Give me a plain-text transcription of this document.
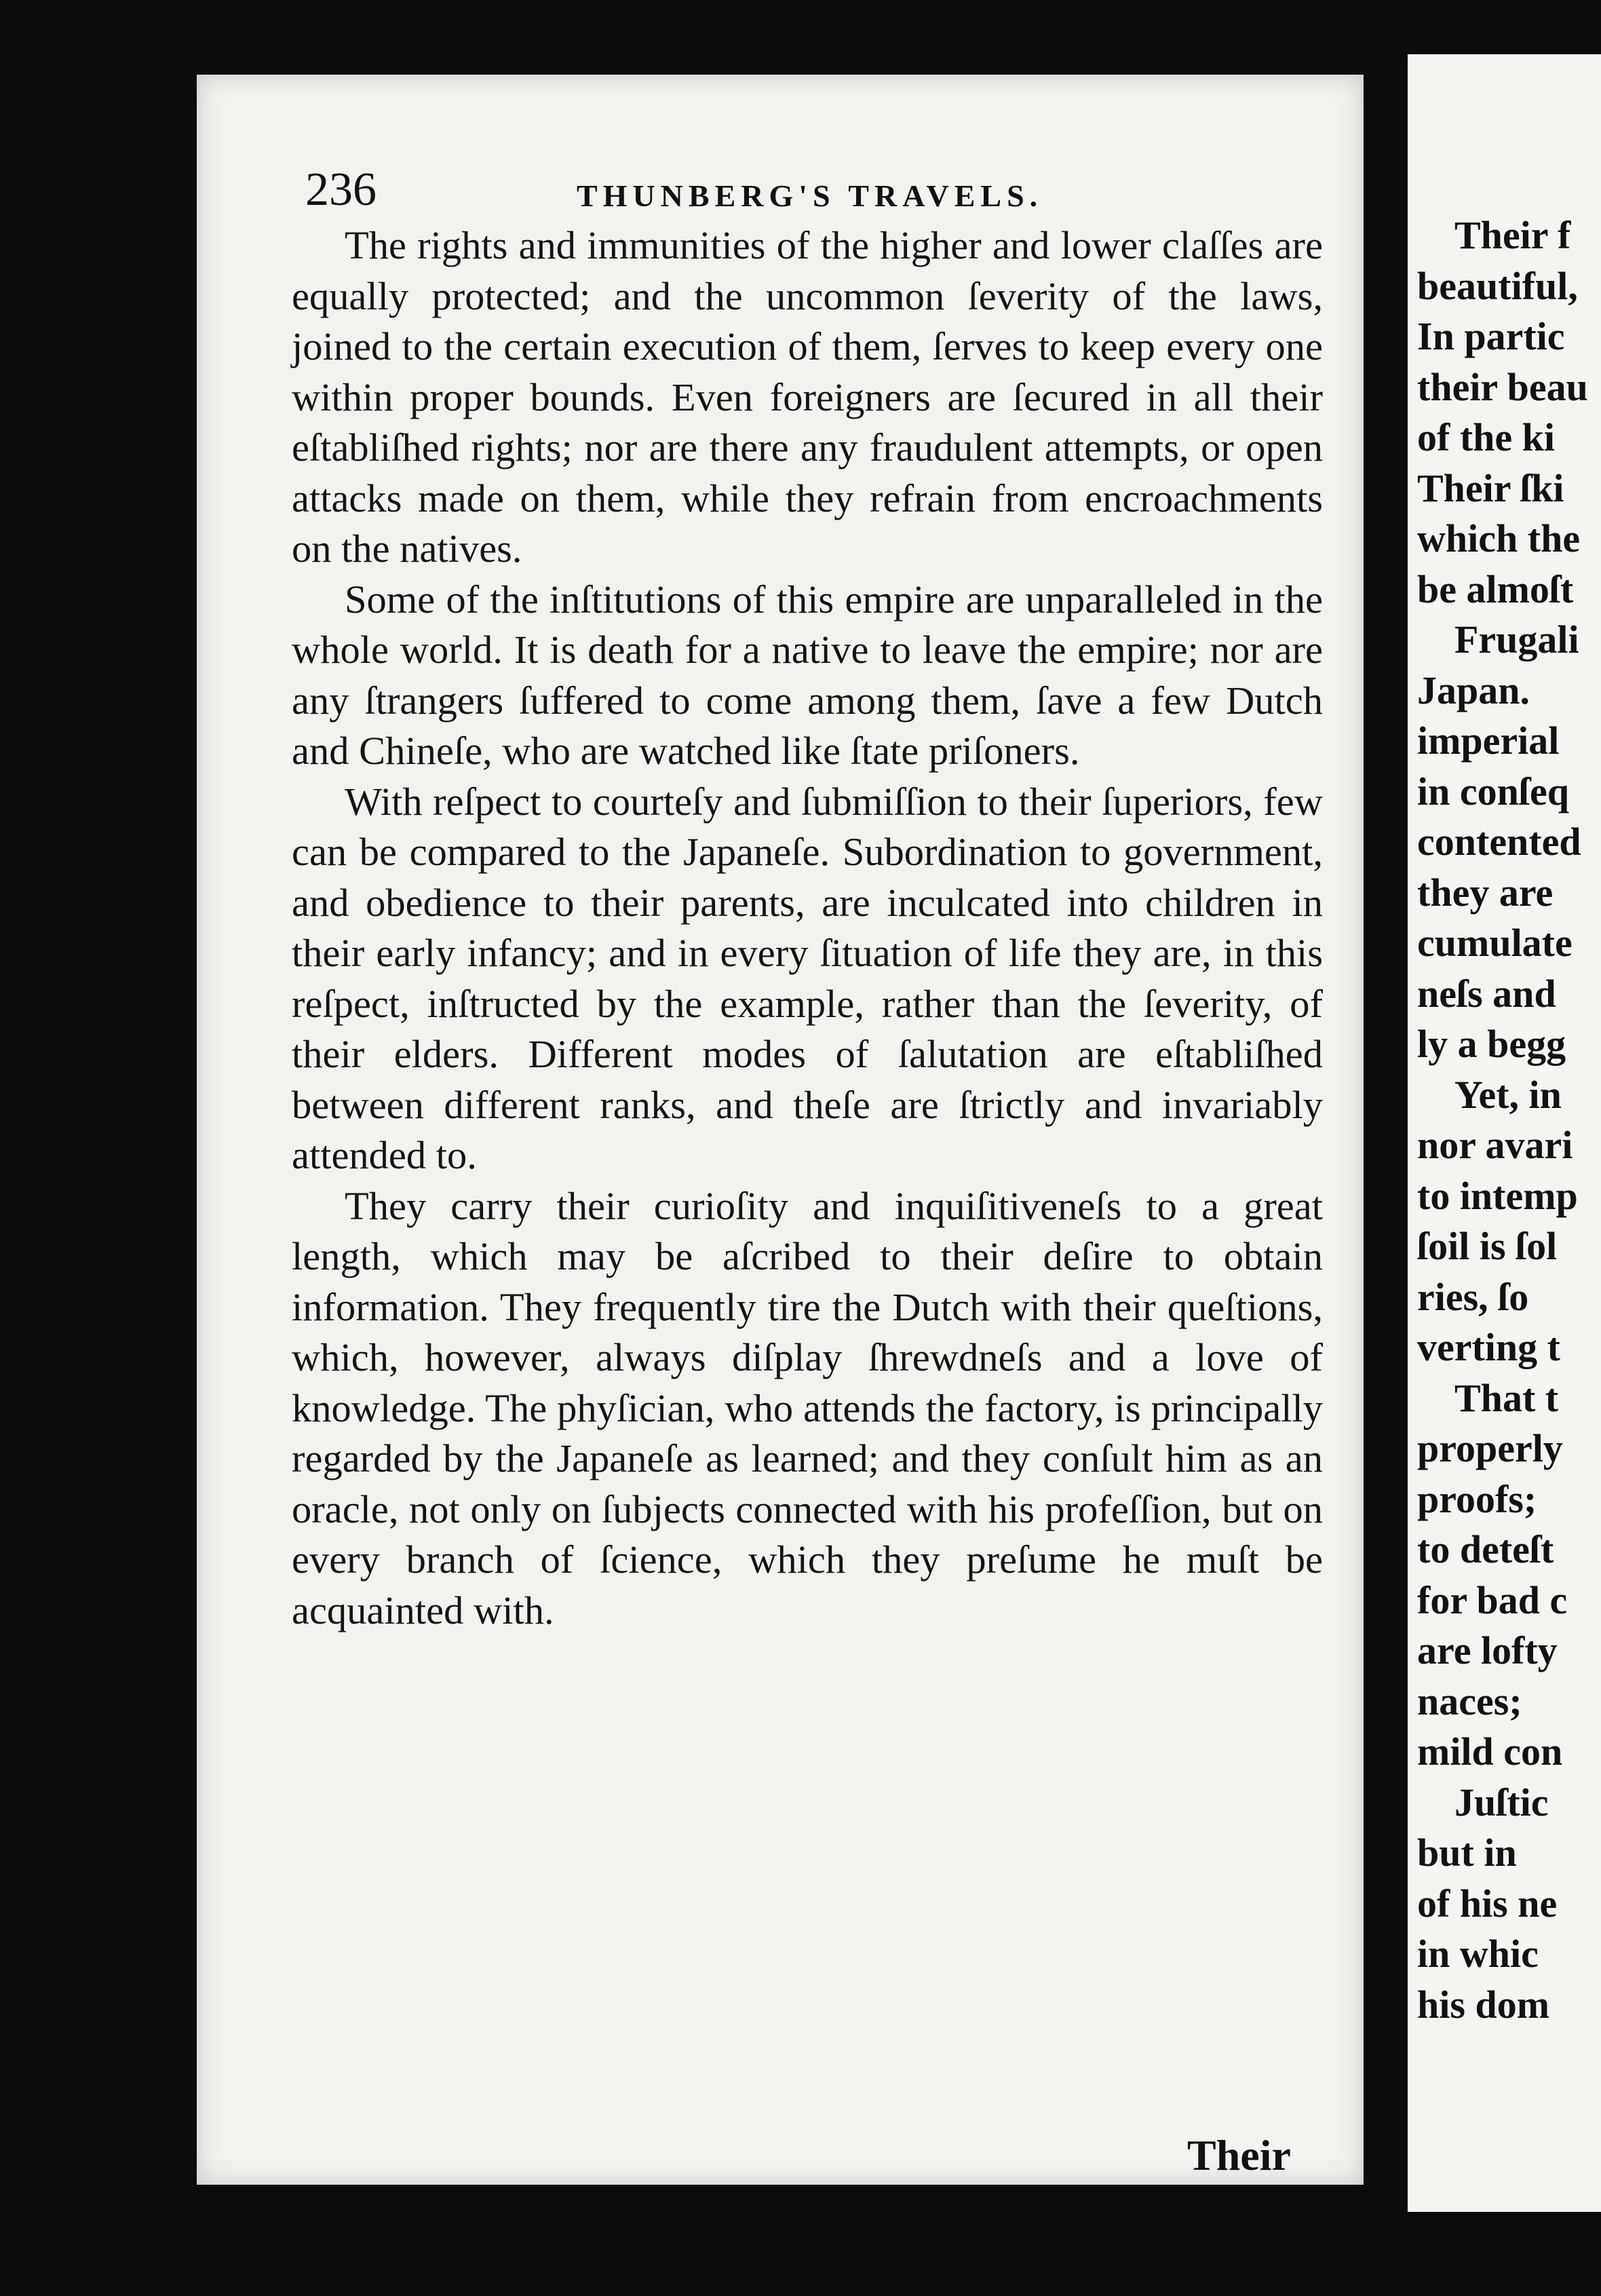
236	THUNBERG'S TRAVELS.

The rights and immunities of the higher and lower claſſes are equally protected; and the uncommon ſeverity of the laws, joined to the certain execution of them, ſerves to keep every one within proper bounds. Even foreigners are ſecured in all their eſtabliſhed rights; nor are there any fraudulent attempts, or open attacks made on them, while they refrain from encroachments on the natives.

Some of the inſtitutions of this empire are unparalleled in the whole world. It is death for a native to leave the empire; nor are any ſtrangers ſuffered to come among them, ſave a few Dutch and Chineſe, who are watched like ſtate priſoners.

With reſpect to courteſy and ſubmiſſion to their ſuperiors, few can be compared to the Japaneſe. Subordination to government, and obedience to their parents, are inculcated into children in their early infancy; and in every ſituation of life they are, in this reſpect, inſtructed by the example, rather than the ſeverity, of their elders. Different modes of ſalutation are eſtabliſhed between different ranks, and theſe are ſtrictly and invariably attended to.

They carry their curioſity and inquiſitiveneſs to a great length, which may be aſcribed to their deſire to obtain information. They frequently tire the Dutch with their queſtions, which, however, always diſplay ſhrewdneſs and a love of knowledge. The phyſician, who attends the factory, is principally regarded by the Japaneſe as learned; and they conſult him as an oracle, not only on ſubjects connected with his profeſſion, but on every branch of ſcience, which they preſume he muſt be acquainted with.

Their
Their f
beautiful,
In partic
their beau
of the ki
Their ſki
which the
be almoſt
Frugali
Japan.
imperial
in conſeq
contented
they are
cumulate
neſs and
ly a begg
Yet, in
nor avari
to intemp
ſoil is ſol
ries, ſo
verting t
That t
properly
proofs;
to deteſt
for bad c
are lofty
naces;
mild con
Juſtic
but in
of his ne
in whic
his dom
